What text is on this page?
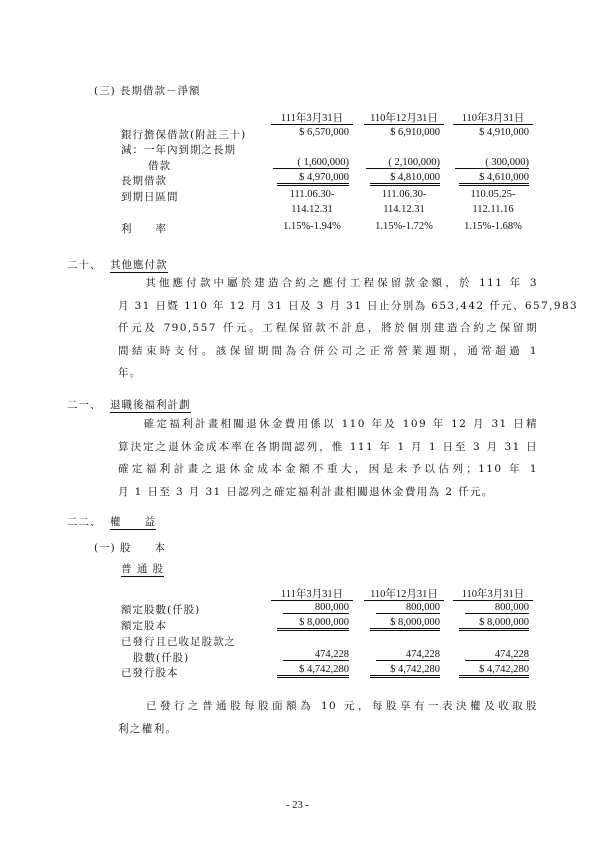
(三) 長期借款－淨額
111年3月31日	110年12月31日	110年3月31日
銀行擔保借款(附註三十)	$ 6,570,000	$ 6,910,000	$ 4,910,000
減：一年內到期之長期
借款	( 1,600,000)	( 2,100,000)	( 300,000)
長期借款	$ 4,970,000	$ 4,810,000	$ 4,610,000
到期日區間	111.06.30-	111.06.30-	110.05.25-
114.12.31	114.12.31	112.11.16
利　　率	1.15%-1.94%	1.15%-1.72%	1.15%-1.68%
二十、 其他應付款
　　其他應付款中屬於建造合約之應付工程保留款金額，於 111 年 3
月 31 日暨 110 年 12 月 31 日及 3 月 31 日止分別為 653,442 仟元、657,983
仟元及 790,557 仟元。工程保留款不計息，將於個別建造合約之保留期
間結束時支付。該保留期間為合併公司之正常營業週期，通常超過 1
年。
二一、 退職後福利計劃
　　確定福利計畫相關退休金費用係以 110 年及 109 年 12 月 31 日精
算決定之退休金成本率在各期間認列，惟 111 年 1 月 1 日至 3 月 31 日
確定福利計畫之退休金成本金額不重大，因是未予以估列；110 年 1
月 1 日至 3 月 31 日認列之確定福利計畫相關退休金費用為 2 仟元。
二二、 權　　益
(一) 股　　本
普 通 股
111年3月31日	110年12月31日	110年3月31日
額定股數(仟股)	800,000	800,000	800,000
額定股本	$ 8,000,000	$ 8,000,000	$ 8,000,000
已發行且已收足股款之
股數(仟股)	474,228	474,228	474,228
已發行股本	$ 4,742,280	$ 4,742,280	$ 4,742,280
　　已發行之普通股每股面額為 10 元，每股享有一表決權及收取股
利之權利。
- 23 -
